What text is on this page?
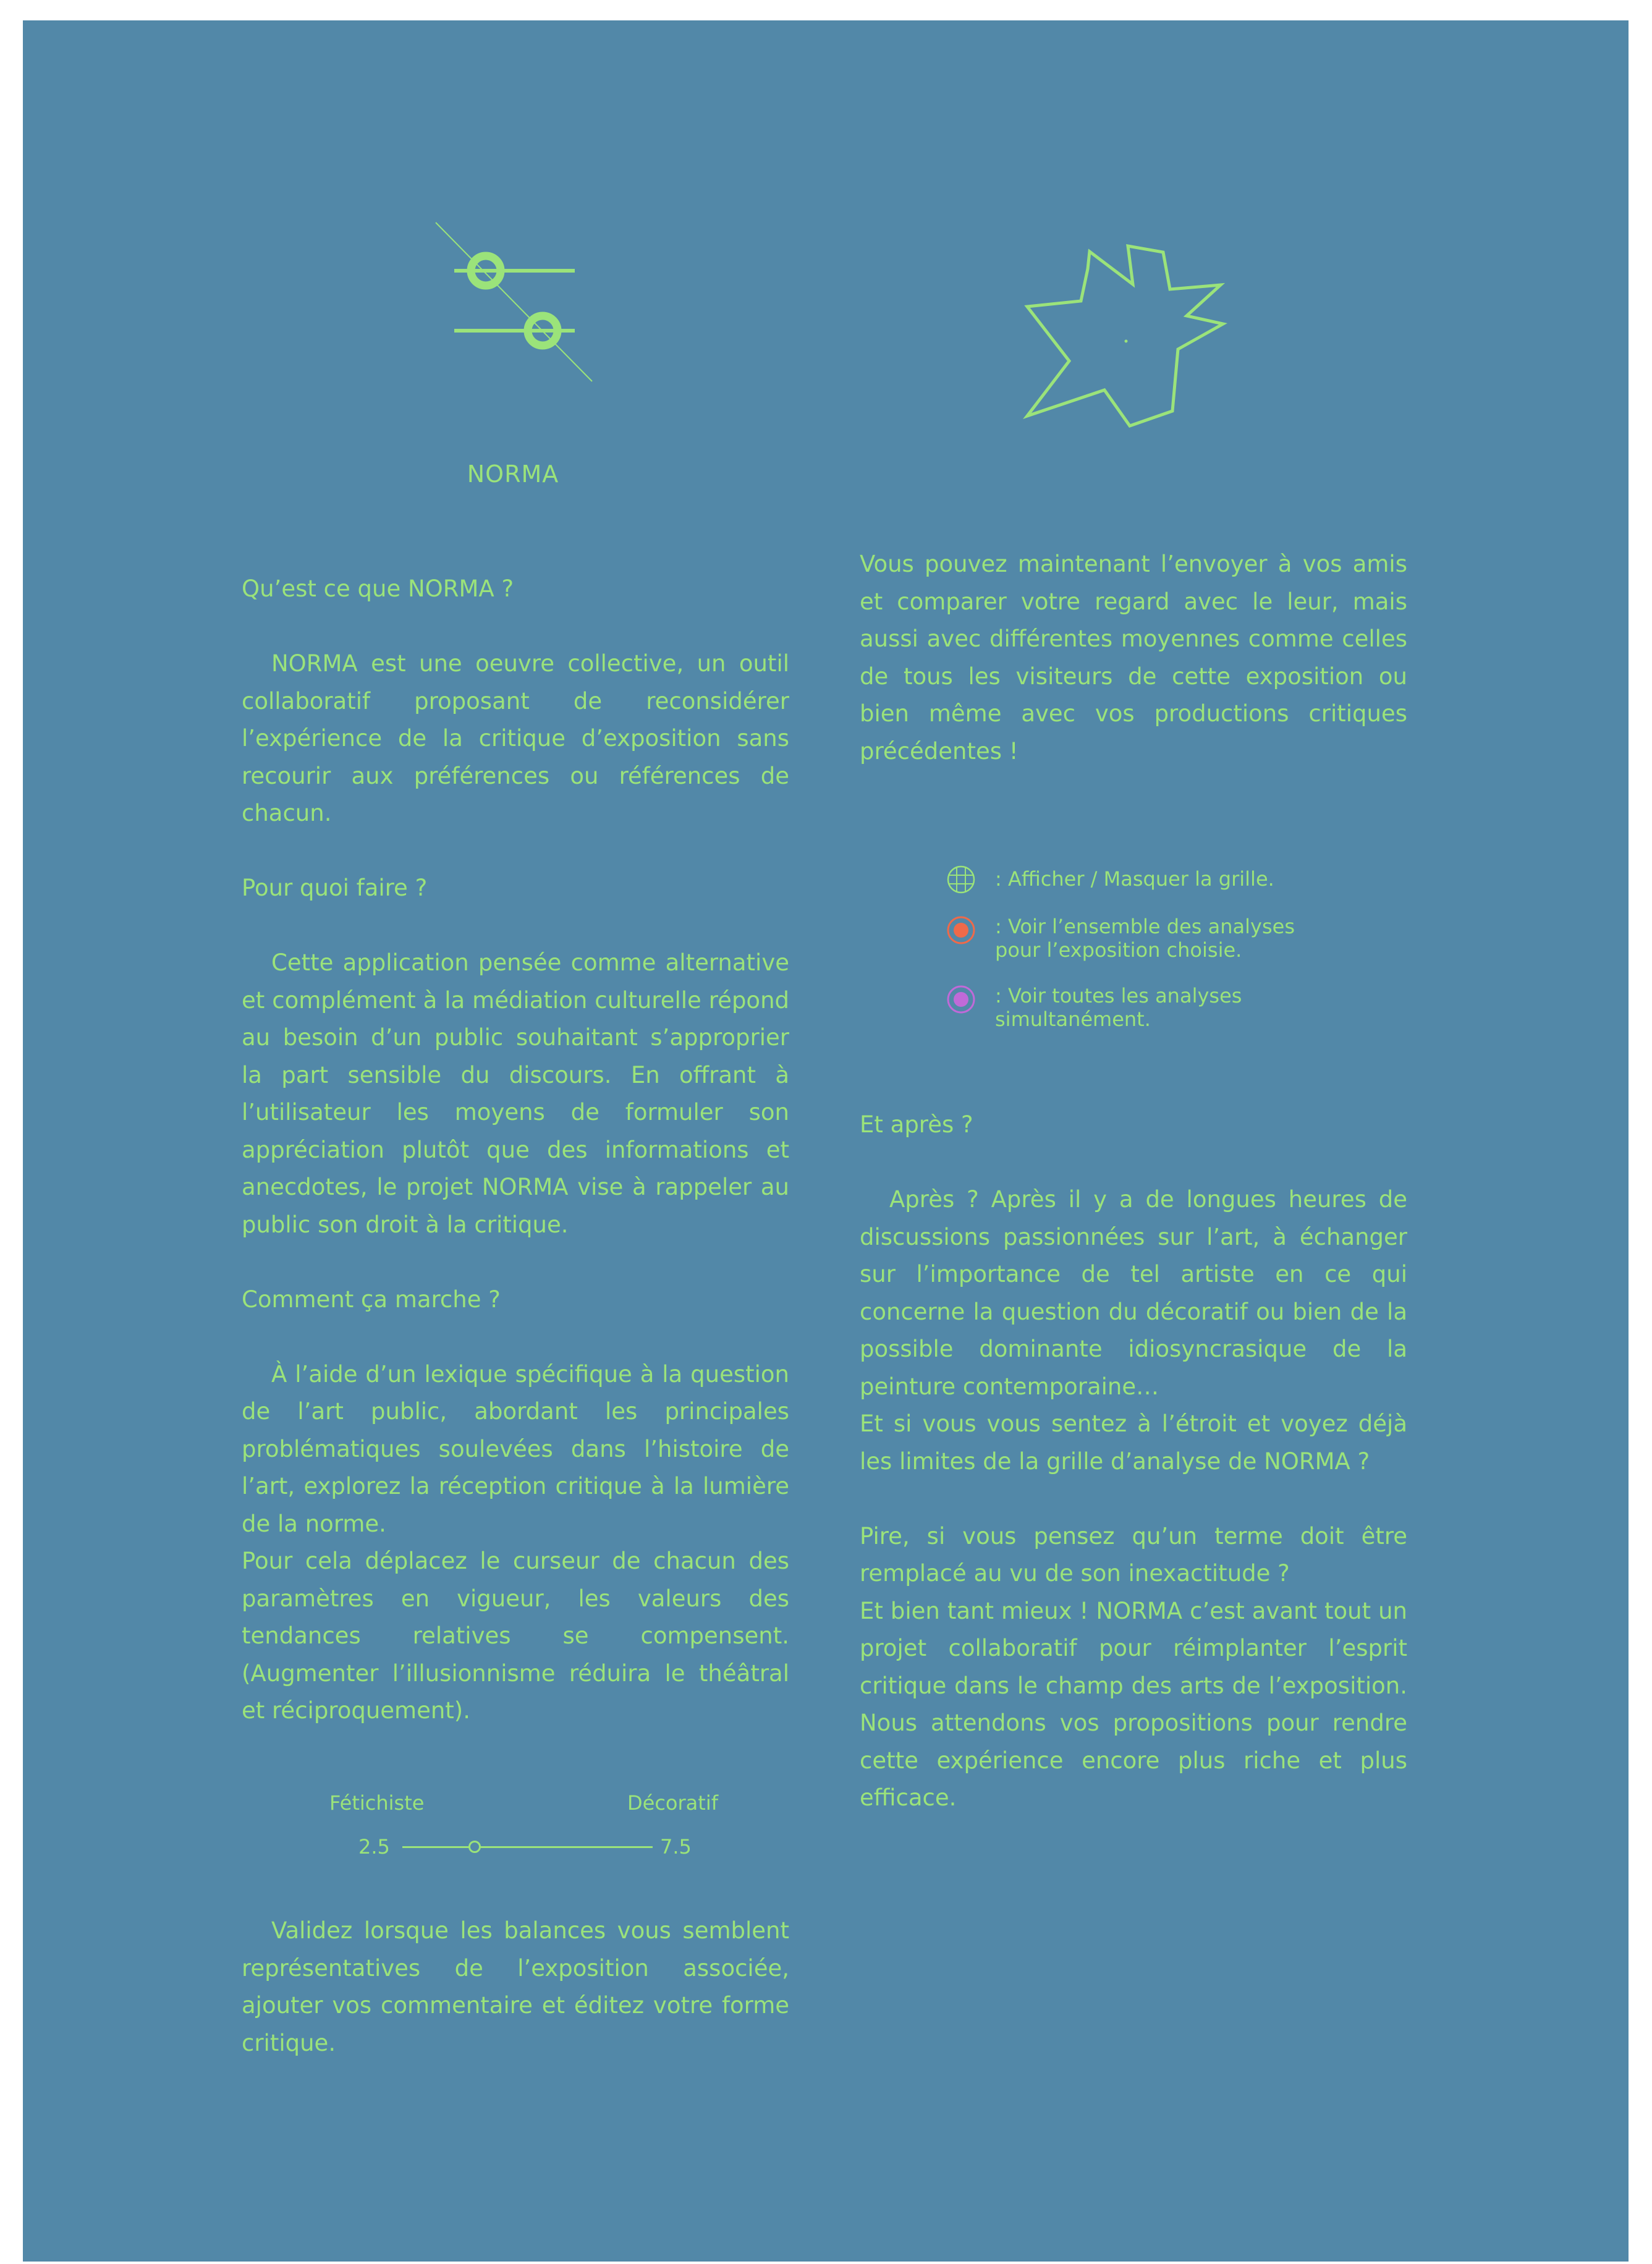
NORMA

Qu’est ce que NORMA ?

NORMA est une oeuvre collective, un outil collaboratif proposant de reconsidérer l’expérience de la critique d’exposition sans recourir aux préférences ou références de chacun.

Pour quoi faire ?

Cette application pensée comme alternative et complément à la médiation culturelle répond au besoin d’un public souhaitant s’approprier la part sensible du discours. En offrant à l’utilisateur les moyens de formuler son appréciation plutôt que des informations et anecdotes, le projet NORMA vise à rappeler au public son droit à la critique.

Comment ça marche ?

À l’aide d’un lexique spécifique à la question de l’art public, abordant les principales problématiques soulevées dans l’histoire de l’art, explorez la réception critique à la lumière de la norme.

Pour cela déplacez le curseur de chacun des paramètres en vigueur, les valeurs des tendances relatives se compensent. (Augmenter l’illusionnisme réduira le théâtral et réciproquement).

Fétichiste	Décoratif
2.5	7.5

Validez lorsque les balances vous semblent représentatives de l’exposition associée, ajouter vos commentaire et éditez votre forme critique.

Vous pouvez maintenant l’envoyer à vos amis et comparer votre regard avec le leur, mais aussi avec différentes moyennes comme celles de tous les visiteurs de cette exposition ou bien même avec vos productions critiques précédentes !

: Afficher / Masquer la grille.
: Voir l’ensemble des analyses
pour l’exposition choisie.
: Voir toutes les analyses
simultanément.

Et après ?

Après ? Après il y a de longues heures de discussions passionnées sur l’art, à échanger sur l’importance de tel artiste en ce qui concerne la question du décoratif ou bien de la possible dominante idiosyncrasique de la peinture contemporaine…

Et si vous vous sentez à l’étroit et voyez déjà les limites de la grille d’analyse de NORMA ?

Pire, si vous pensez qu’un terme doit être remplacé au vu de son inexactitude ?

Et bien tant mieux ! NORMA c’est avant tout un projet collaboratif pour réimplanter l’esprit critique dans le champ des arts de l’exposition. Nous attendons vos propositions pour rendre cette expérience encore plus riche et plus efficace.
